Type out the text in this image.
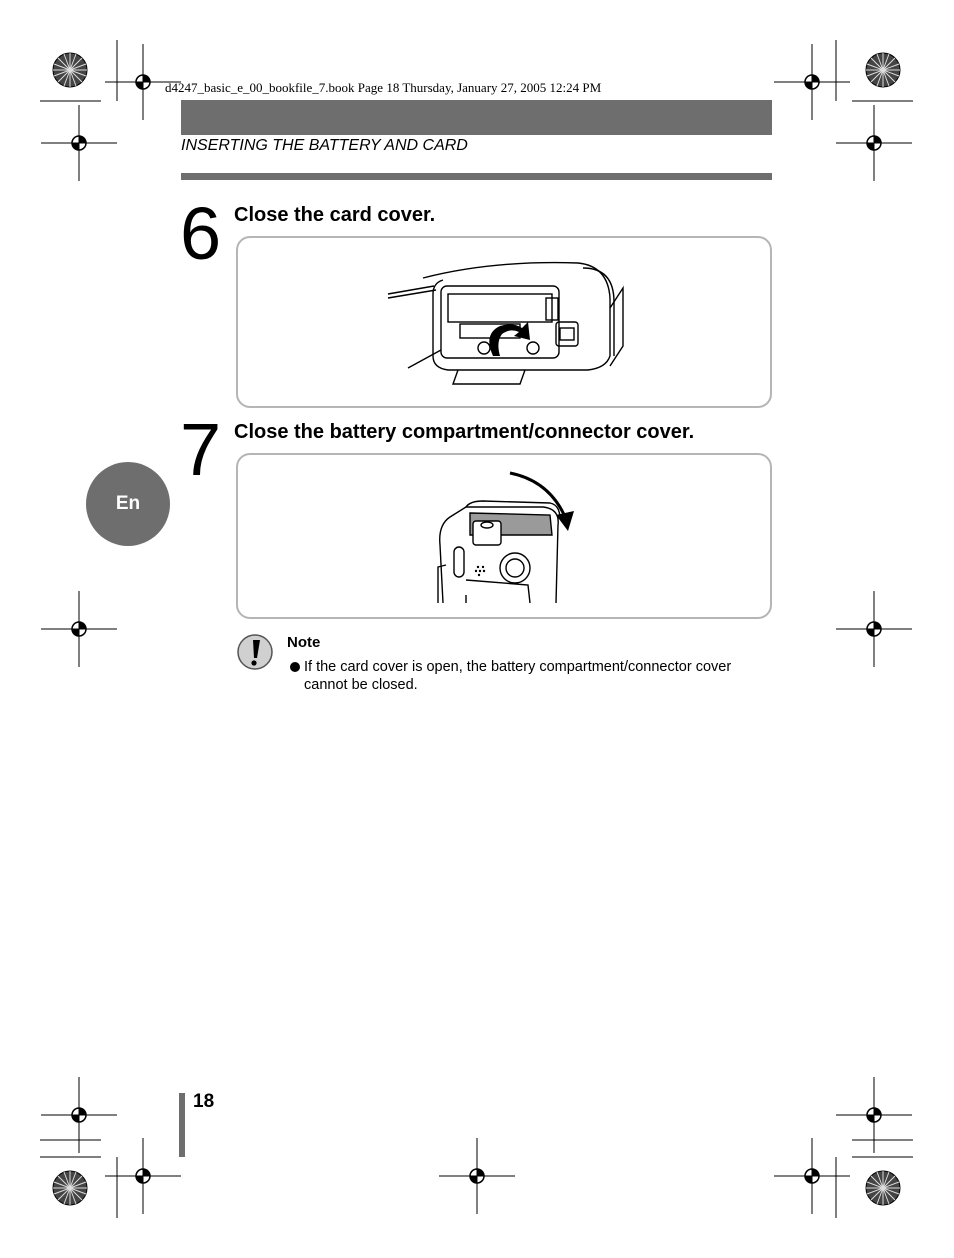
d4247_basic_e_00_bookfile_7.book Page 18 Thursday, January 27, 2005 12:24 PM
INSERTING THE BATTERY AND CARD
En
6 Close the card cover.
7 Close the battery compartment/connector cover.
Note
If the card cover is open, the battery compartment/connector cover cannot be closed.
18
